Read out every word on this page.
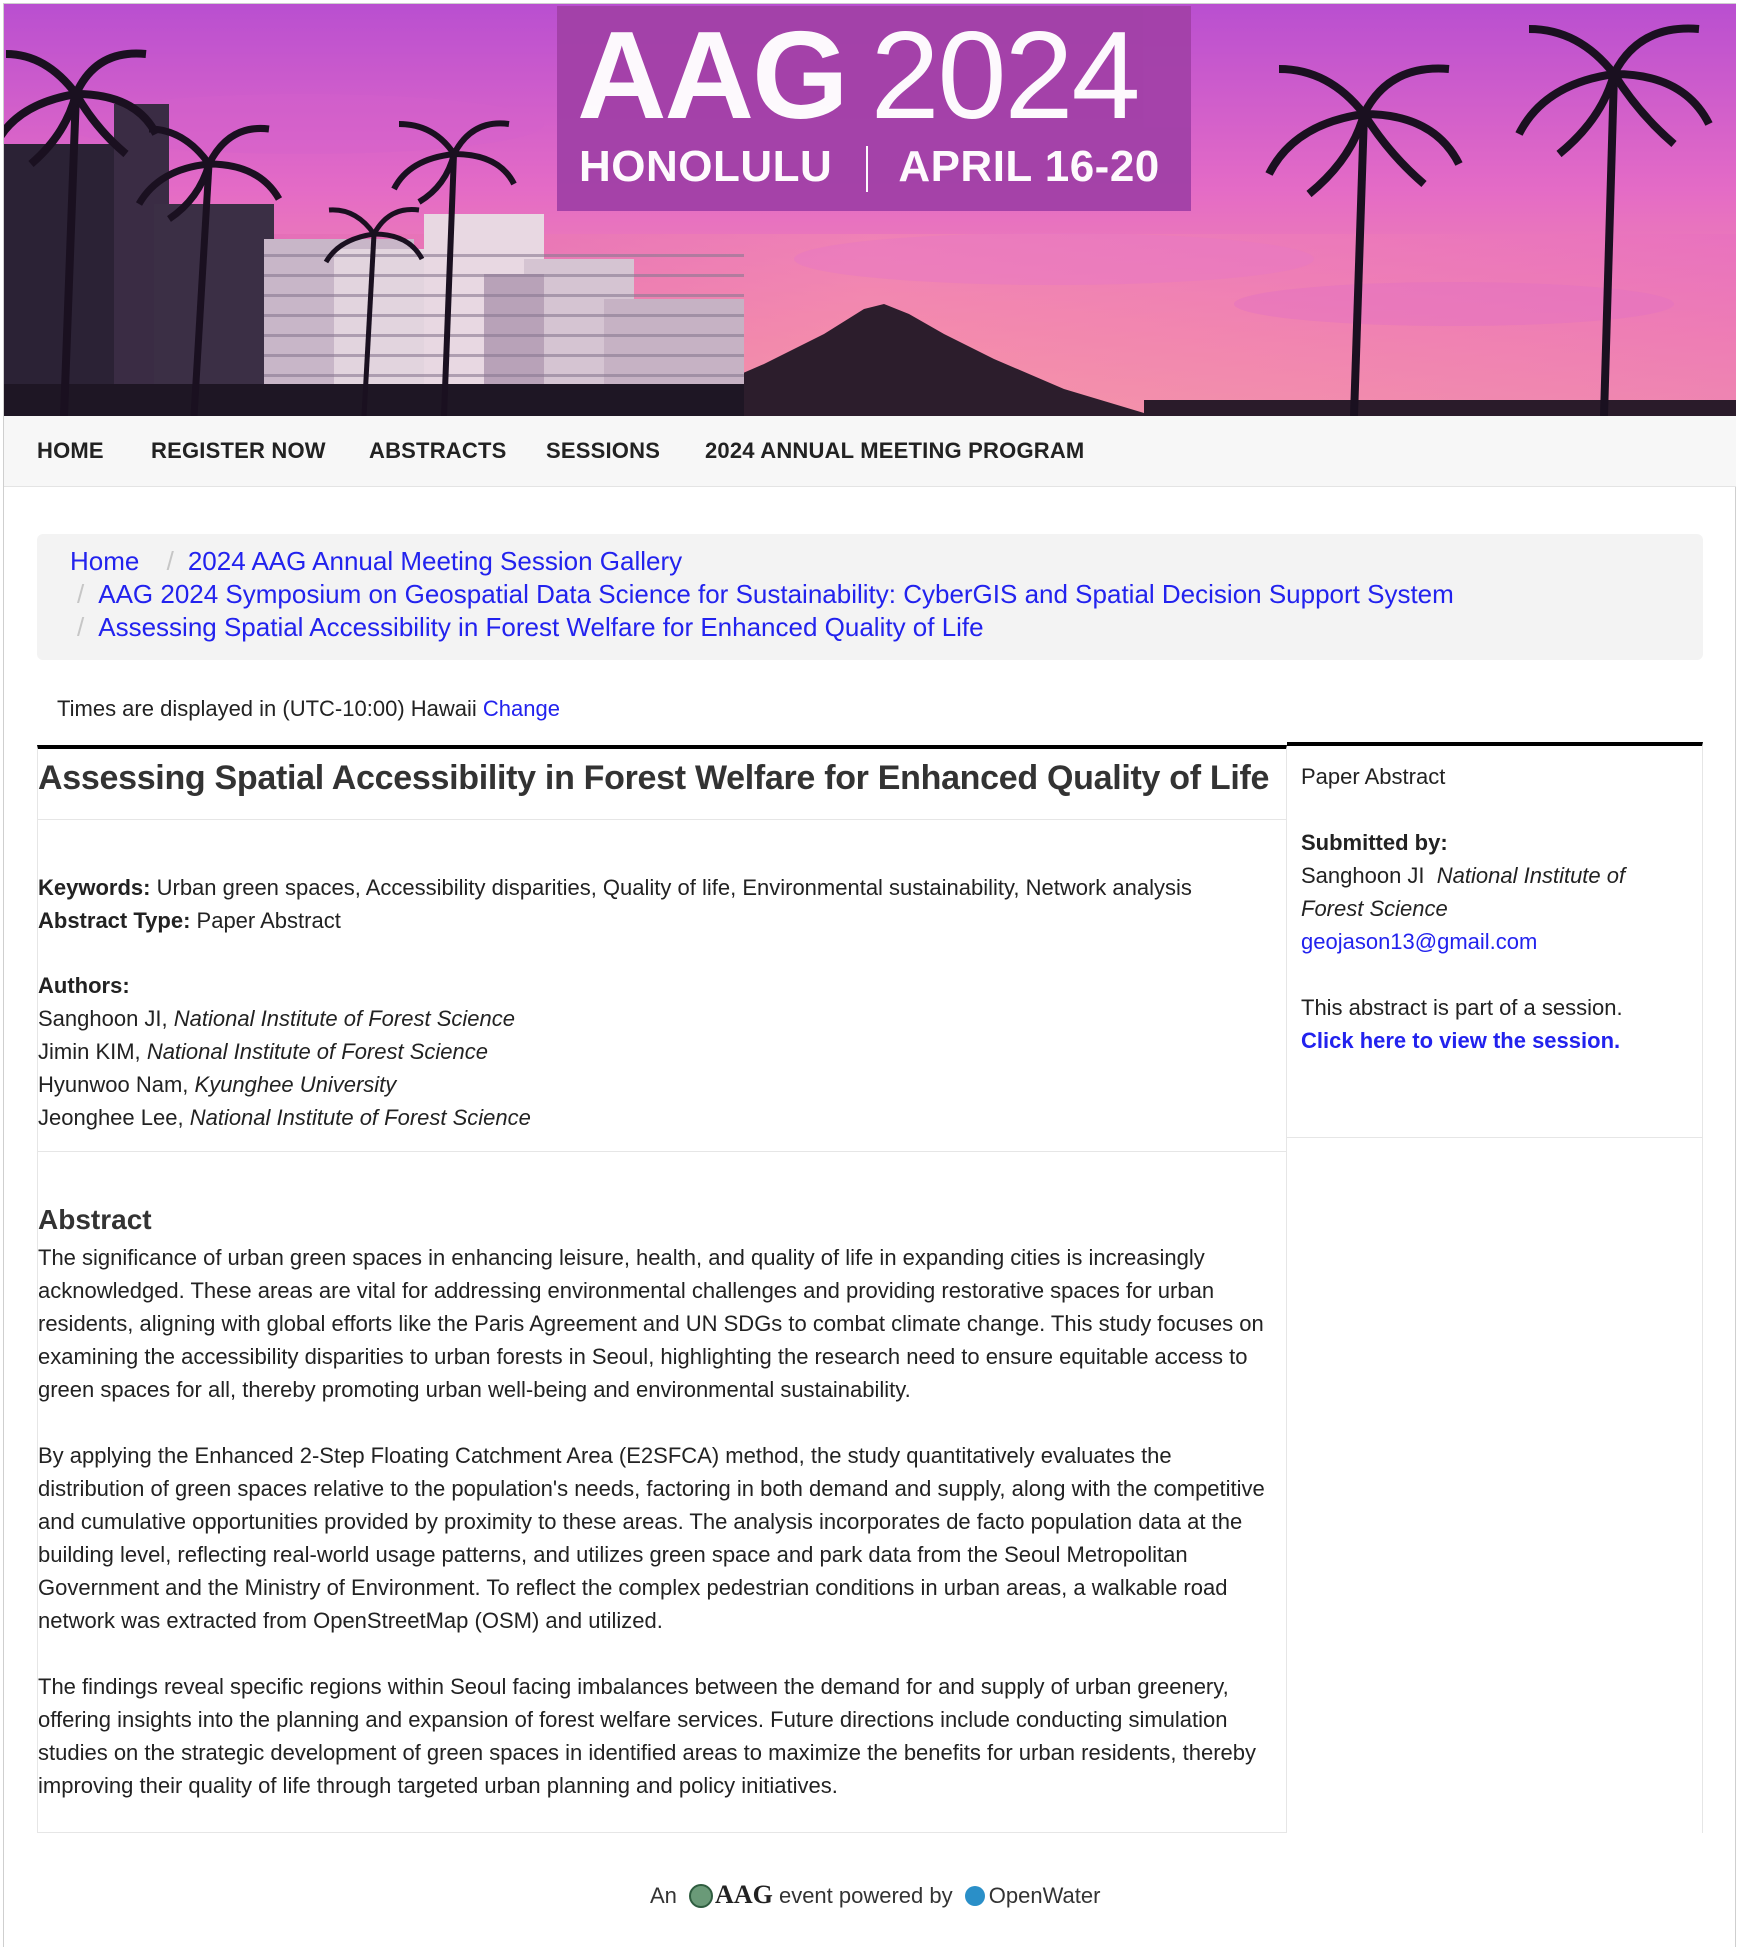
AAG 2024
HONOLULU APRIL 16-20
HOME REGISTER NOW ABSTRACTS SESSIONS 2024 ANNUAL MEETING PROGRAM
Home / 2024 AAG Annual Meeting Session Gallery
/ AAG 2024 Symposium on Geospatial Data Science for Sustainability: CyberGIS and Spatial Decision Support System
/ Assessing Spatial Accessibility in Forest Welfare for Enhanced Quality of Life
Times are displayed in (UTC-10:00) Hawaii Change
Assessing Spatial Accessibility in Forest Welfare for Enhanced Quality of Life
Keywords: Urban green spaces, Accessibility disparities, Quality of life, Environmental sustainability, Network analysis
Abstract Type: Paper Abstract
Authors:
Sanghoon JI, National Institute of Forest Science
Jimin KIM, National Institute of Forest Science
Hyunwoo Nam, Kyunghee University
Jeonghee Lee, National Institute of Forest Science
Abstract

The significance of urban green spaces in enhancing leisure, health, and quality of life in expanding cities is increasingly acknowledged. These areas are vital for addressing environmental challenges and providing restorative spaces for urban residents, aligning with global efforts like the Paris Agreement and UN SDGs to combat climate change. This study focuses on examining the accessibility disparities to urban forests in Seoul, highlighting the research need to ensure equitable access to green spaces for all, thereby promoting urban well-being and environmental sustainability.

By applying the Enhanced 2-Step Floating Catchment Area (E2SFCA) method, the study quantitatively evaluates the distribution of green spaces relative to the population's needs, factoring in both demand and supply, along with the competitive and cumulative opportunities provided by proximity to these areas. The analysis incorporates de facto population data at the building level, reflecting real-world usage patterns, and utilizes green space and park data from the Seoul Metropolitan Government and the Ministry of Environment. To reflect the complex pedestrian conditions in urban areas, a walkable road network was extracted from OpenStreetMap (OSM) and utilized.

The findings reveal specific regions within Seoul facing imbalances between the demand for and supply of urban greenery, offering insights into the planning and expansion of forest welfare services. Future directions include conducting simulation studies on the strategic development of green spaces in identified areas to maximize the benefits for urban residents, thereby improving their quality of life through targeted urban planning and policy initiatives.

Paper Abstract
Submitted by:
Sanghoon JI National Institute of Forest Science
geojason13@gmail.com
This abstract is part of a session.
Click here to view the session.
An AAG event powered by OpenWater
